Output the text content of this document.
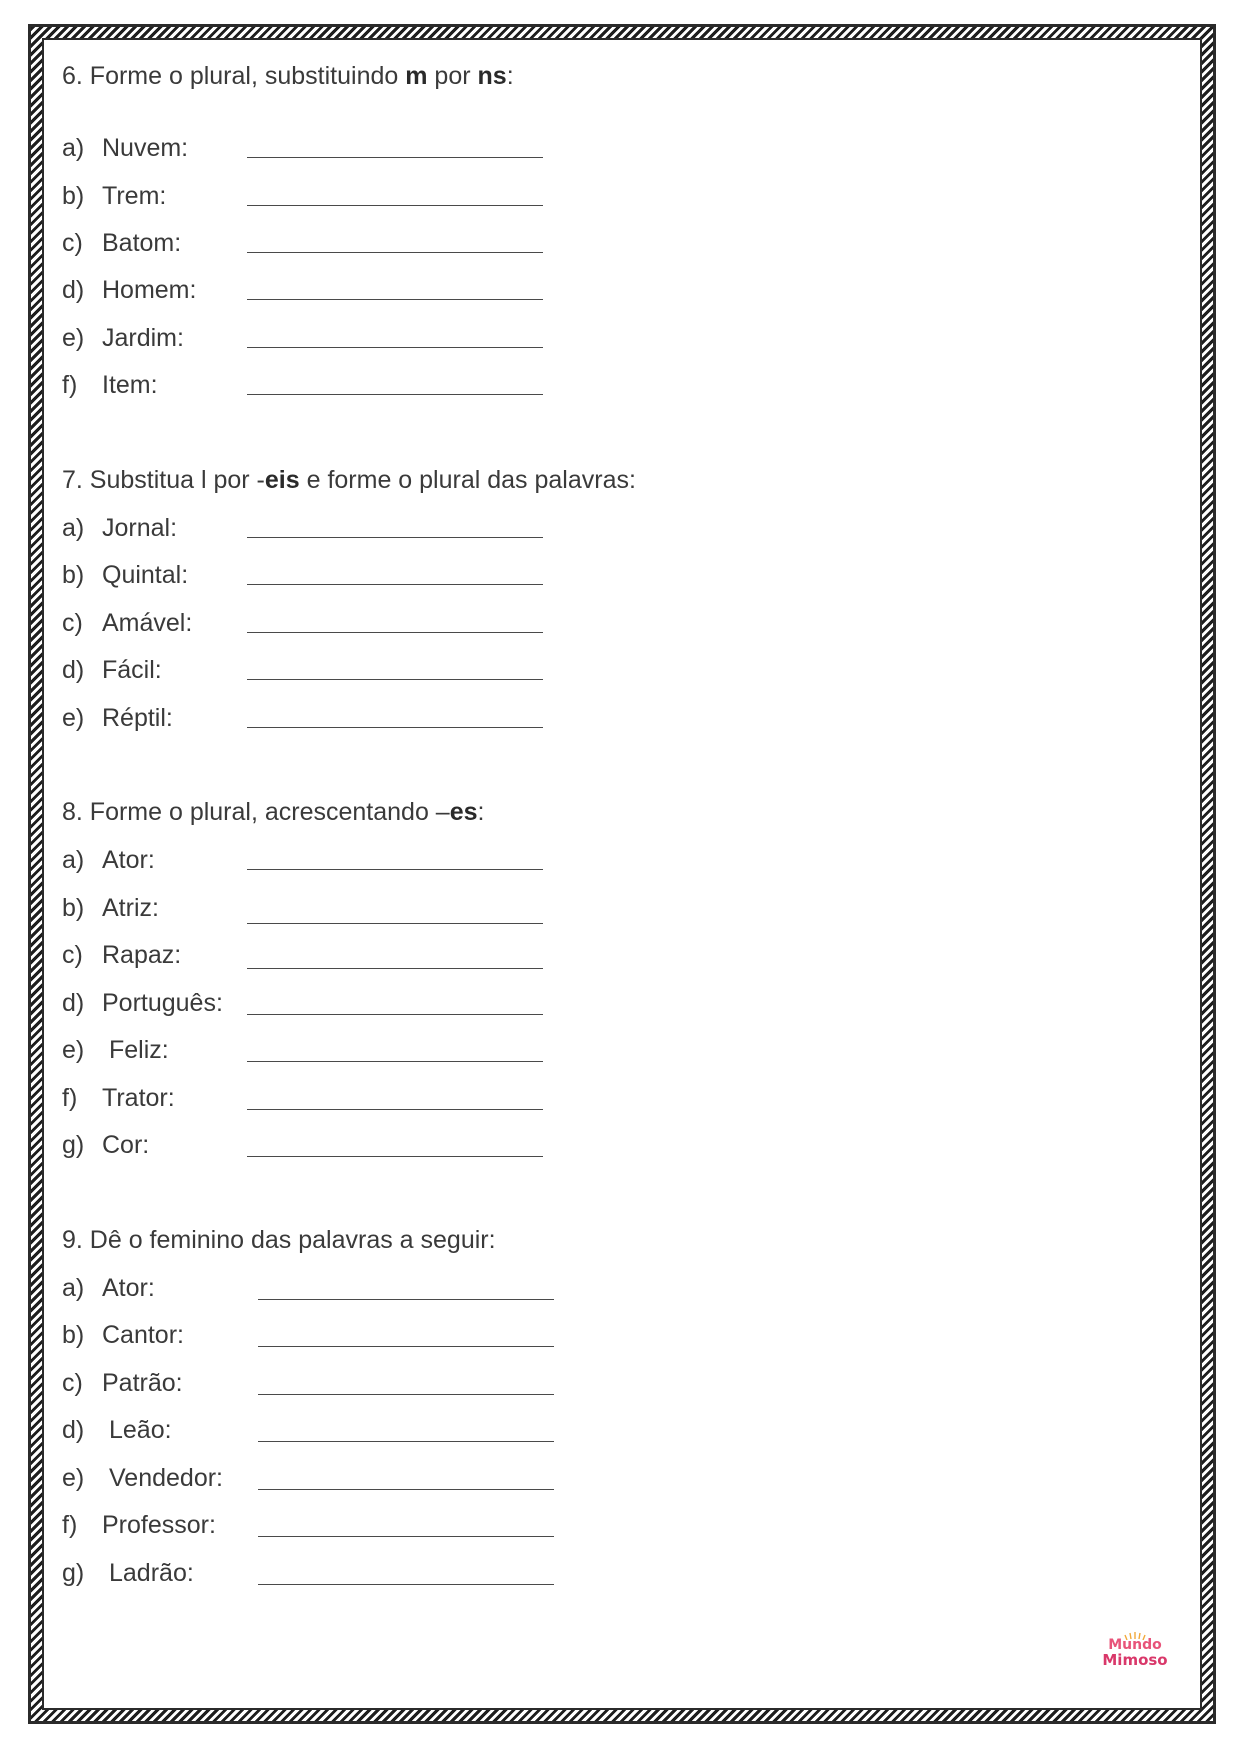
6. Forme o plural, substituindo m por ns:
a) Nuvem:
b) Trem:
c) Batom:
d) Homem:
e) Jardim:
f) Item:
7. Substitua l por -eis e forme o plural das palavras:
a) Jornal:
b) Quintal:
c) Amável:
d) Fácil:
e) Réptil:
8. Forme o plural, acrescentando –es:
a) Ator:
b) Atriz:
c) Rapaz:
d) Português:
e) Feliz:
f) Trator:
g) Cor:
9. Dê o feminino das palavras a seguir:
a) Ator:
b) Cantor:
c) Patrão:
d) Leão:
e) Vendedor:
f) Professor:
g) Ladrão:
Mundo
Mimoso
